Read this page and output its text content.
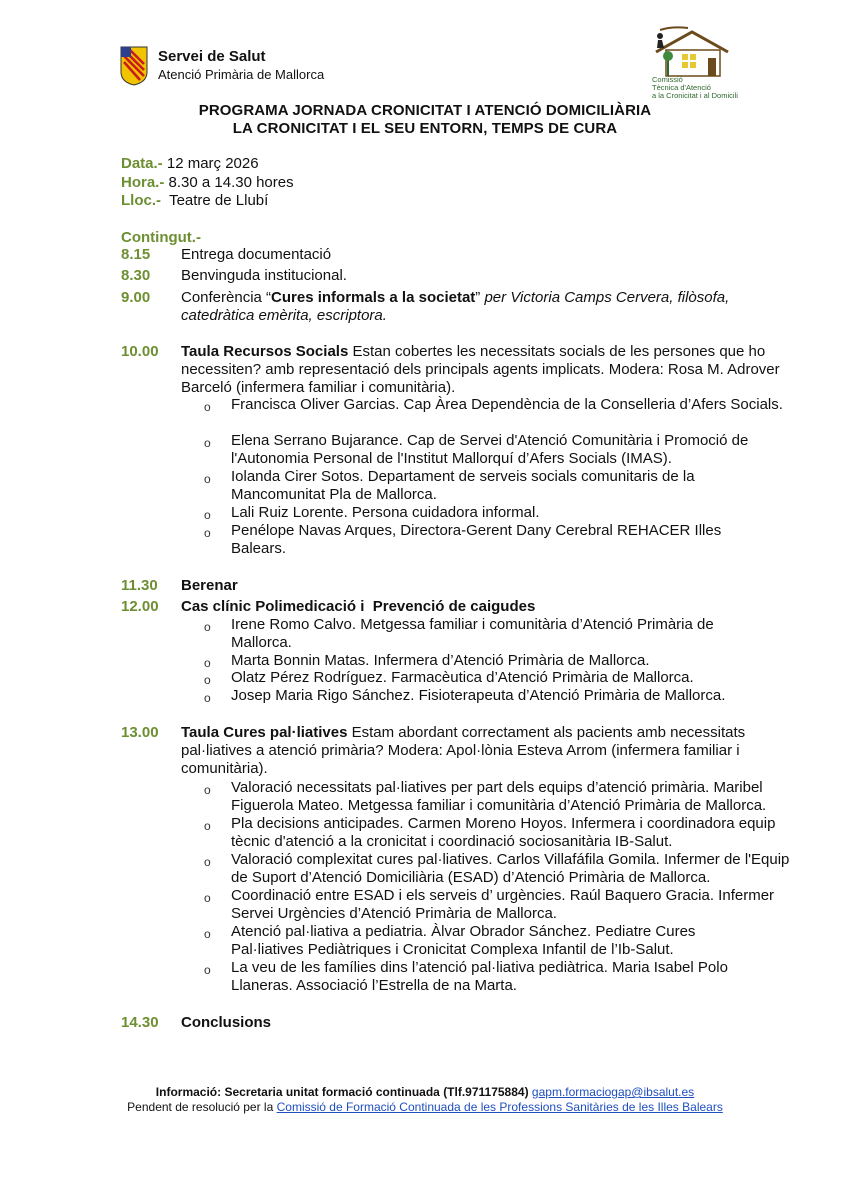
Servei de Salut
Atenció Primària de Mallorca	Comissió
Tècnica d'Atenció
a la Cronicitat i al Domicili
PROGRAMA JORNADA CRONICITAT I ATENCIÓ DOMICILIÀRIA
LA CRONICITAT I EL SEU ENTORN, TEMPS DE CURA
Data.- 12 març 2026
Hora.- 8.30 a 14.30 hores
Lloc.-  Teatre de Llubí
Contingut.-
8.15 Entrega documentació
8.30 Benvinguda institucional.
9.00 Conferència “Cures informals a la societat” per Victoria Camps Cervera, filòsofa, catedràtica emèrita, escriptora.
10.00 Taula Recursos Socials Estan cobertes les necessitats socials de les persones que ho necessiten? amb representació dels principals agents implicats. Modera: Rosa M. Adrover Barceló (infermera familiar i comunitària).
o Francisca Oliver Garcias. Cap Àrea Dependència de la Conselleria d’Afers Socials.
o Elena Serrano Bujarance. Cap de Servei d'Atenció Comunitària i Promoció de l'Autonomia Personal de l'Institut Mallorquí d’Afers Socials (IMAS).
o Iolanda Cirer Sotos. Departament de serveis socials comunitaris de la Mancomunitat Pla de Mallorca.
o Lali Ruiz Lorente. Persona cuidadora informal.
o Penélope Navas Arques, Directora-Gerent Dany Cerebral REHACER Illes Balears.
11.30 Berenar
12.00 Cas clínic Polimedicació i  Prevenció de caigudes
o Irene Romo Calvo. Metgessa familiar i comunitària d’Atenció Primària de Mallorca.
o Marta Bonnin Matas. Infermera d’Atenció Primària de Mallorca.
o Olatz Pérez Rodríguez. Farmacèutica d’Atenció Primària de Mallorca.
o Josep Maria Rigo Sánchez. Fisioterapeuta d’Atenció Primària de Mallorca.
13.00 Taula Cures pal·liatives Estam abordant correctament als pacients amb necessitats pal·liatives a atenció primària? Modera: Apol·lònia Esteva Arrom (infermera familiar i comunitària).
o Valoració necessitats pal·liatives per part dels equips d’atenció primària. Maribel Figuerola Mateo. Metgessa familiar i comunitària d’Atenció Primària de Mallorca.
o Pla decisions anticipades. Carmen Moreno Hoyos. Infermera i coordinadora equip tècnic d'atenció a la cronicitat i coordinació sociosanitària IB-Salut.
o Valoració complexitat cures pal·liatives. Carlos Villafáfila Gomila. Infermer de l'Equip de Suport d’Atenció Domiciliària (ESAD) d’Atenció Primària de Mallorca.
o Coordinació entre ESAD i els serveis d’ urgències. Raúl Baquero Gracia. Infermer Servei Urgències d’Atenció Primària de Mallorca.
o Atenció pal·liativa a pediatria. Àlvar Obrador Sánchez. Pediatre Cures Pal·liatives Pediàtriques i Cronicitat Complexa Infantil de l’Ib-Salut.
o La veu de les famílies dins l’atenció pal·liativa pediàtrica. Maria Isabel Polo Llaneras. Associació l’Estrella de na Marta.
14.30 Conclusions
Informació: Secretaria unitat formació continuada (Tlf.971175884) gapm.formaciogap@ibsalut.es
Pendent de resolució per la Comissió de Formació Continuada de les Professions Sanitàries de les Illes Balears
